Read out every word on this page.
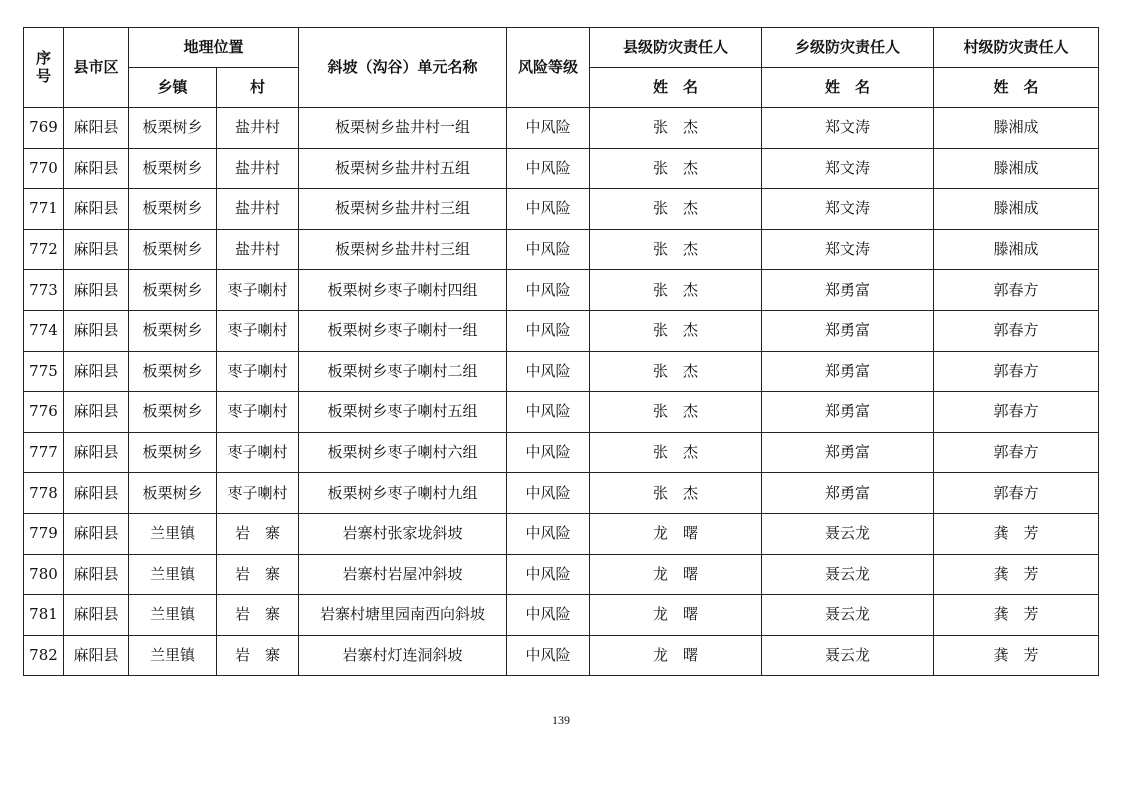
序号	县市区	地理位置		斜坡（沟谷）单元名称	风险等级	县级防灾责任人	乡级防灾责任人	村级防灾责任人
		乡镇	村			姓　名	姓　名	姓　名
769	麻阳县	板栗树乡	盐井村	板栗树乡盐井村一组	中风险	张　杰	郑文涛	滕湘成
770	麻阳县	板栗树乡	盐井村	板栗树乡盐井村五组	中风险	张　杰	郑文涛	滕湘成
771	麻阳县	板栗树乡	盐井村	板栗树乡盐井村三组	中风险	张　杰	郑文涛	滕湘成
772	麻阳县	板栗树乡	盐井村	板栗树乡盐井村三组	中风险	张　杰	郑文涛	滕湘成
773	麻阳县	板栗树乡	枣子喇村	板栗树乡枣子喇村四组	中风险	张　杰	郑勇富	郭春方
774	麻阳县	板栗树乡	枣子喇村	板栗树乡枣子喇村一组	中风险	张　杰	郑勇富	郭春方
775	麻阳县	板栗树乡	枣子喇村	板栗树乡枣子喇村二组	中风险	张　杰	郑勇富	郭春方
776	麻阳县	板栗树乡	枣子喇村	板栗树乡枣子喇村五组	中风险	张　杰	郑勇富	郭春方
777	麻阳县	板栗树乡	枣子喇村	板栗树乡枣子喇村六组	中风险	张　杰	郑勇富	郭春方
778	麻阳县	板栗树乡	枣子喇村	板栗树乡枣子喇村九组	中风险	张　杰	郑勇富	郭春方
779	麻阳县	兰里镇	岩　寨	岩寨村张家垅斜坡	中风险	龙　曙	聂云龙	龚　芳
780	麻阳县	兰里镇	岩　寨	岩寨村岩屋冲斜坡	中风险	龙　曙	聂云龙	龚　芳
781	麻阳县	兰里镇	岩　寨	岩寨村塘里园南西向斜坡	中风险	龙　曙	聂云龙	龚　芳
782	麻阳县	兰里镇	岩　寨	岩寨村灯连洞斜坡	中风险	龙　曙	聂云龙	龚　芳
139
